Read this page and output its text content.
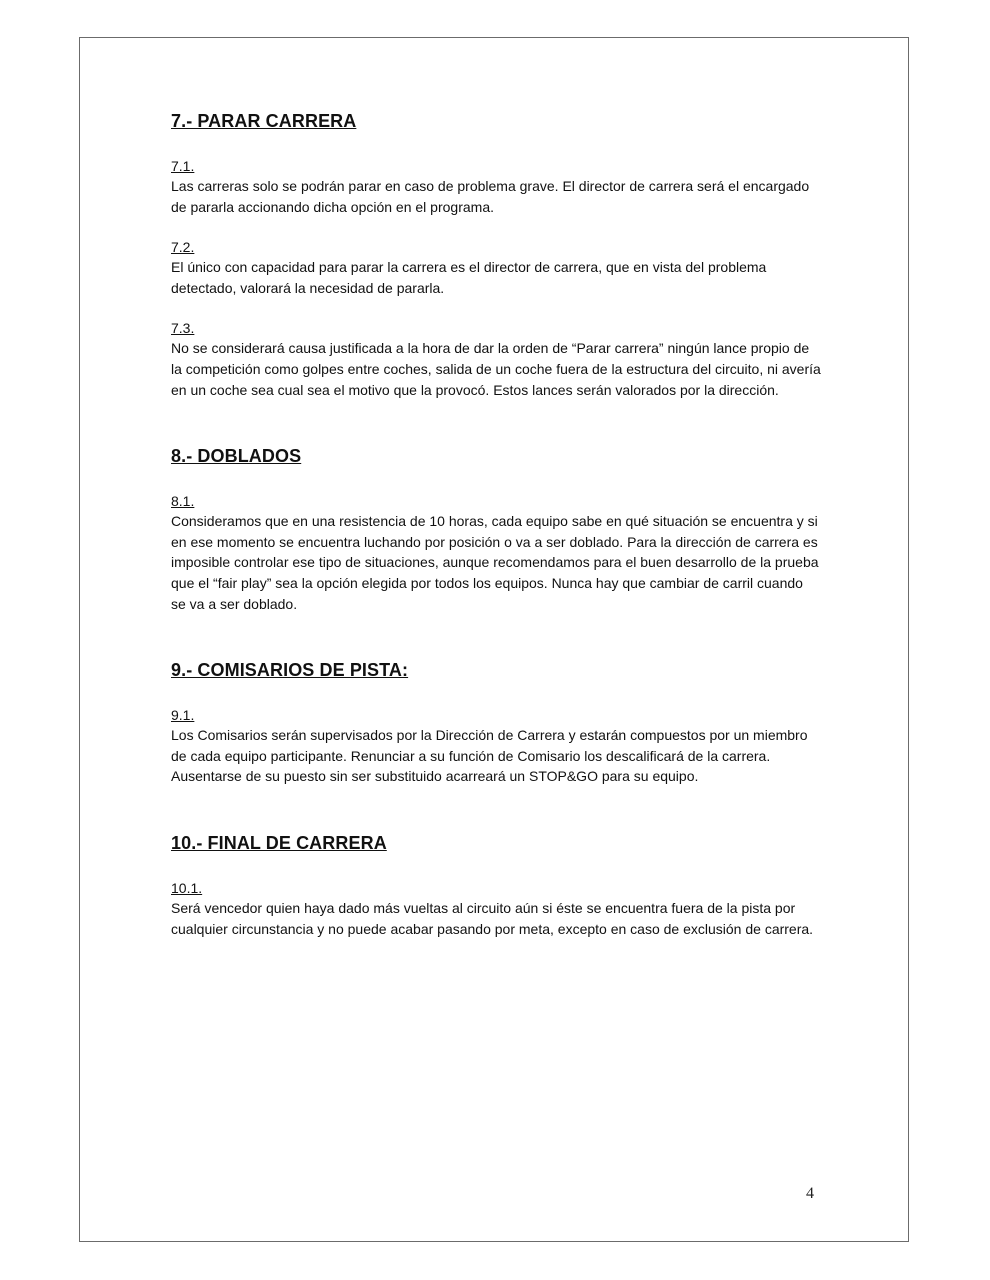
7.- PARAR CARRERA
7.1.

Las carreras solo se podrán parar en caso de problema grave. El director de carrera será el encargado de pararla accionando dicha opción en el programa.

7.2.

El único con capacidad para parar la carrera es el director de carrera, que en vista del problema detectado, valorará la necesidad de pararla.

7.3.

No se considerará causa justificada a la hora de dar la orden de “Parar carrera” ningún lance propio de la competición como golpes entre coches, salida de un coche fuera de la estructura del circuito, ni avería en un coche sea cual sea el motivo que la provocó. Estos lances serán valorados por la dirección.

8.- DOBLADOS
8.1.

Consideramos que en una resistencia de 10 horas, cada equipo sabe en qué situación se encuentra y si en ese momento se encuentra luchando por posición o va a ser doblado. Para la dirección de carrera es imposible controlar ese tipo de situaciones, aunque recomendamos para el buen desarrollo de la prueba que el “fair play” sea la opción elegida por todos los equipos. Nunca hay que cambiar de carril cuando se va a ser doblado.

9.- COMISARIOS DE PISTA:
9.1.

Los Comisarios serán supervisados por la Dirección de Carrera y estarán compuestos por un miembro de cada equipo participante. Renunciar a su función de Comisario los descalificará de la carrera. Ausentarse de su puesto sin ser substituido acarreará un STOP&GO para su equipo.

10.- FINAL DE CARRERA
10.1.

Será vencedor quien haya dado más vueltas al circuito aún si éste se encuentra fuera de la pista por cualquier circunstancia y no puede acabar pasando por meta, excepto en caso de exclusión de carrera.

4
